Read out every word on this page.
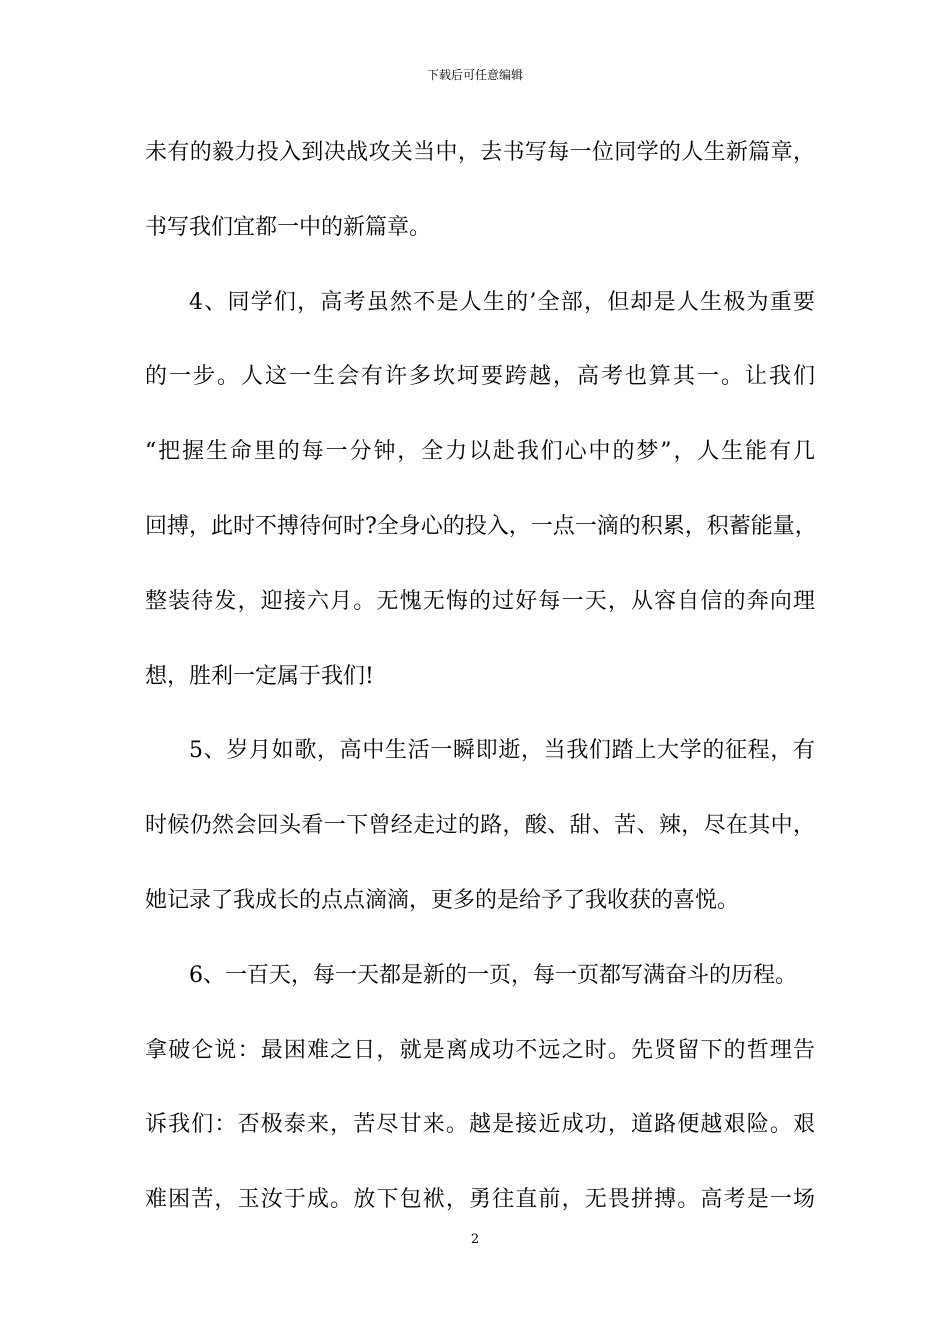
下载后可任意编辑
未有的毅力投入到决战攻关当中，去书写每一位同学的人生新篇章，
书写我们宜都一中的新篇章。
4、同学们，高考虽然不是人生的’全部，但却是人生极为重要
的一步。人这一生会有许多坎坷要跨越，高考也算其一。让我们
“把握生命里的每一分钟，全力以赴我们心中的梦”，人生能有几
回搏，此时不搏待何时?全身心的投入，一点一滴的积累，积蓄能量，
整装待发，迎接六月。无愧无悔的过好每一天，从容自信的奔向理
想，胜利一定属于我们!
5、岁月如歌，高中生活一瞬即逝，当我们踏上大学的征程，有
时候仍然会回头看一下曾经走过的路，酸、甜、苦、辣，尽在其中，
她记录了我成长的点点滴滴，更多的是给予了我收获的喜悦。
6、一百天，每一天都是新的一页，每一页都写满奋斗的历程。
拿破仑说：最困难之日，就是离成功不远之时。先贤留下的哲理告
诉我们：否极泰来，苦尽甘来。越是接近成功，道路便越艰险。艰
难困苦，玉汝于成。放下包袱，勇往直前，无畏拼搏。高考是一场
2
